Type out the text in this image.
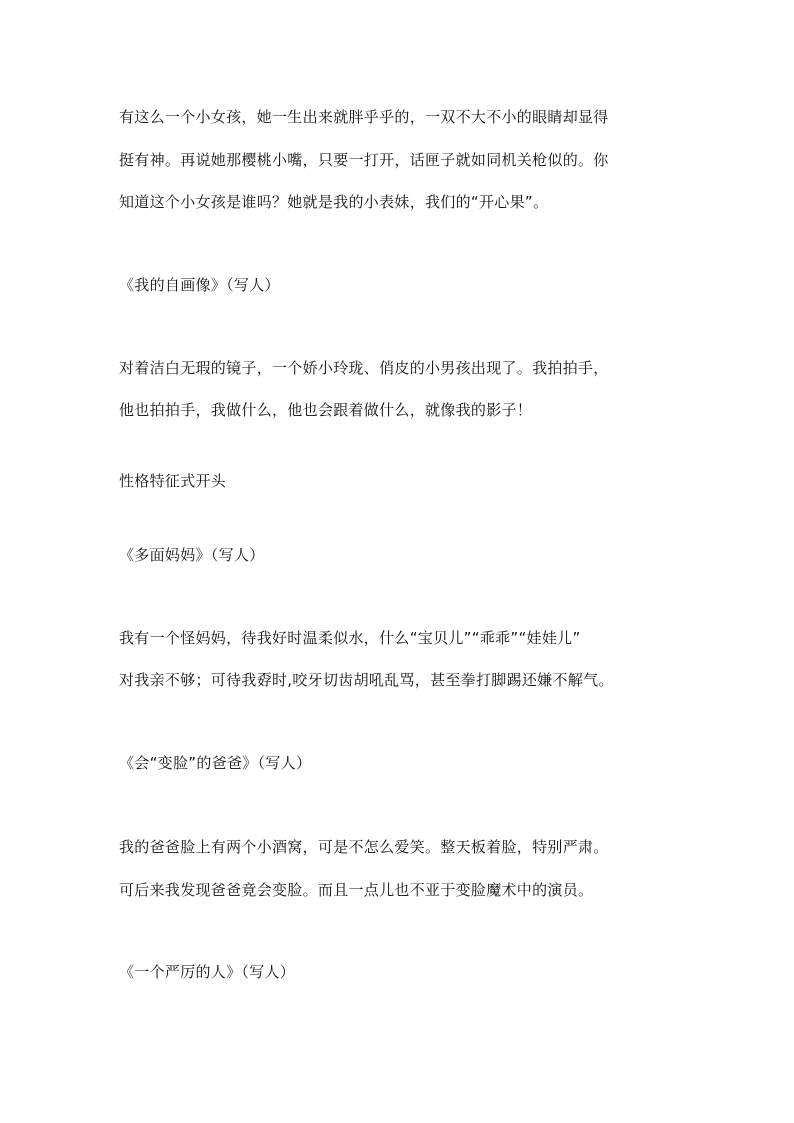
有这么一个小女孩，她一生出来就胖乎乎的，一双不大不小的眼睛却显得
挺有神。再说她那樱桃小嘴，只要一打开，话匣子就如同机关枪似的。你
知道这个小女孩是谁吗？她就是我的小表妹，我们的“开心果”。
《我的自画像》（写人）
对着洁白无瑕的镜子，一个娇小玲珑、俏皮的小男孩出现了。我拍拍手，
他也拍拍手，我做什么，他也会跟着做什么，就像我的影子！
性格特征式开头
《多面妈妈》（写人）
我有一个怪妈妈，待我好时温柔似水，什么“宝贝儿”“乖乖”“娃娃儿”
对我亲不够；可待我孬时,咬牙切齿胡吼乱骂，甚至拳打脚踢还嫌不解气。
《会“变脸”的爸爸》（写人）
我的爸爸脸上有两个小酒窝，可是不怎么爱笑。整天板着脸，特别严肃。
可后来我发现爸爸竟会变脸。而且一点儿也不亚于变脸魔术中的演员。
《一个严厉的人》（写人）
